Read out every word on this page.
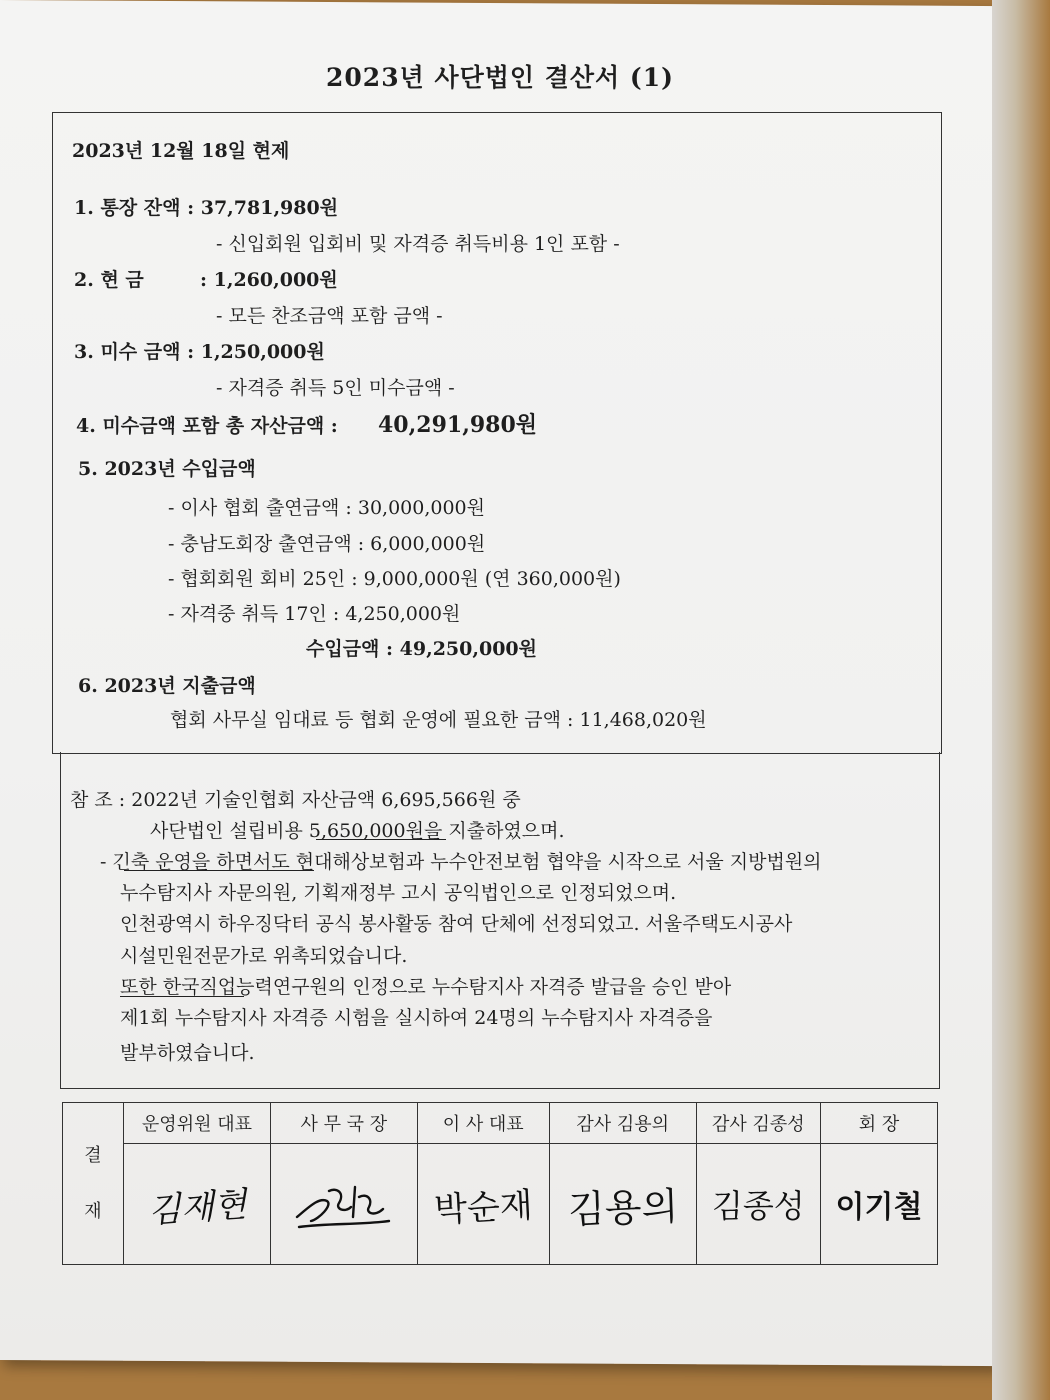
2023년 사단법인 결산서 (1)
2023년 12월 18일 현제
1. 통장 잔액 : 37,781,980원
- 신입회원 입회비 및 자격증 취득비용 1인 포함 -
2. 현 금	: 1,260,000원
- 모든 찬조금액 포함 금액 -
3. 미수 금액 : 1,250,000원
- 자격증 취득 5인 미수금액 -
4. 미수금액 포함 총 자산금액 : 40,291,980원
5. 2023년 수입금액
- 이사 협회 출연금액 : 30,000,000원
- 충남도회장 출연금액 : 6,000,000원
- 협회회원 회비 25인 : 9,000,000원 (연 360,000원)
- 자격중 취득 17인 : 4,250,000원
수입금액 : 49,250,000원
6. 2023년 지출금액
협회 사무실 임대료 등 협회 운영에 필요한 금액 : 11,468,020원
참 조 : 2022년 기술인협회 자산금액 6,695,566원 중
사단법인 설립비용 5,650,000원을 지출하였으며.
- 긴축 운영을 하면서도 현대해상보험과 누수안전보험 협약을 시작으로 서울 지방법원의
누수탐지사 자문의원, 기획재정부 고시 공익법인으로 인정되었으며.
인천광역시 하우징닥터 공식 봉사활동 참여 단체에 선정되었고. 서울주택도시공사
시설민원전문가로 위촉되었습니다.
또한 한국직업능력연구원의 인정으로 누수탐지사 자격증 발급을 승인 받아
제1회 누수탐지사 자격증 시험을 실시하여 24명의 누수탐지사 자격증을
발부하였습니다.
결
재	운영위원 대표	사 무 국 장	이 사 대표	감사 김용의	감사 김종성	회 장
	김재현		박순재	김용의	김종성	이기철
